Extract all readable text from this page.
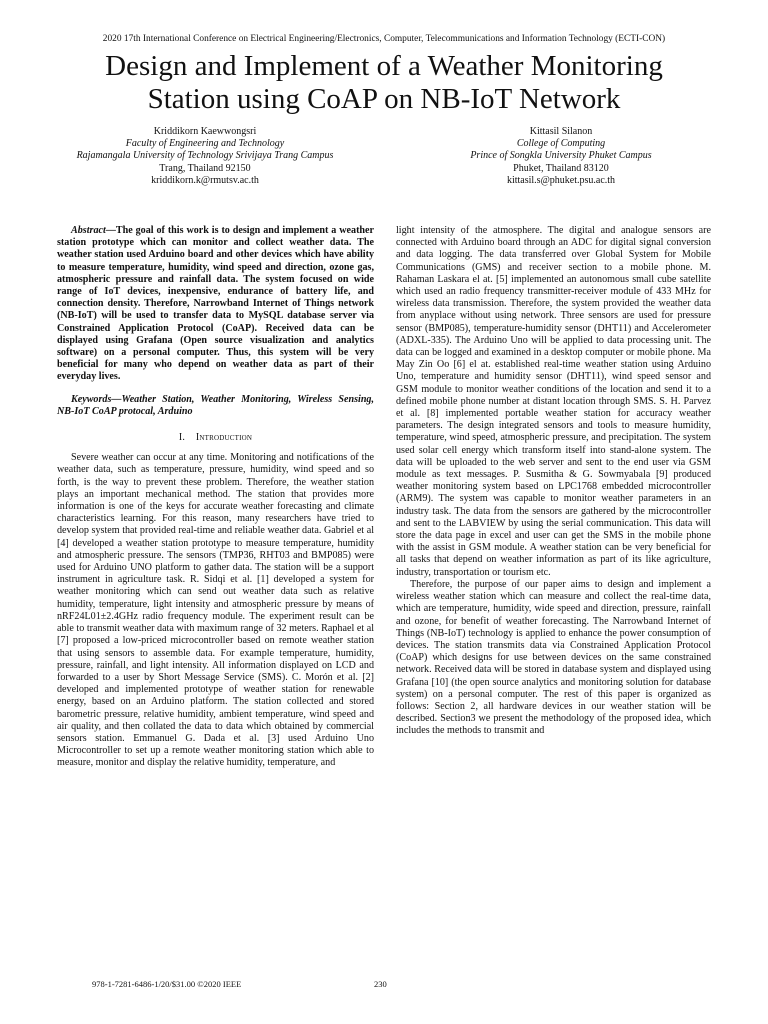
2020 17th International Conference on Electrical Engineering/Electronics, Computer, Telecommunications and Information Technology (ECTI-CON)
Design and Implement of a Weather Monitoring
Station using CoAP on NB-IoT Network
Kriddikorn Kaewwongsri
Faculty of Engineering and Technology
Rajamangala University of Technology Srivijaya Trang Campus
Trang, Thailand 92150
kriddikorn.k@rmutsv.ac.th
Kittasil Silanon
College of Computing
Prince of Songkla University Phuket Campus
Phuket, Thailand 83120
kittasil.s@phuket.psu.ac.th

Abstract—The goal of this work is to design and implement a weather station prototype which can monitor and collect weather data. The weather station used Arduino board and other devices which have ability to measure temperature, humidity, wind speed and direction, ozone gas, atmospheric pressure and rainfall data. The system focused on wide range of IoT devices, inexpensive, endurance of battery life, and connection density. Therefore, Narrowband Internet of Things network (NB-IoT) will be used to transfer data to MySQL database server via Constrained Application Protocol (CoAP). Received data can be displayed using Grafana (Open source visualization and analytics software) on a personal computer. Thus, this system will be very beneficial for many who depend on weather data as part of their everyday lives.

Keywords—Weather Station, Weather Monitoring, Wireless Sensing, NB-IoT CoAP protocal, Arduino

I. Introduction

Severe weather can occur at any time. Monitoring and notifications of the weather data, such as temperature, pressure, humidity, wind speed and so forth, is the way to prevent these problem. Therefore, the weather station plays an important mechanical method. The station that provides more information is one of the keys for accurate weather forecasting and climate characteristics learning. For this reason, many researchers have tried to develop system that provided real-time and reliable weather data. Gabriel et al [4] developed a weather station prototype to measure temperature, humidity and atmospheric pressure. The sensors (TMP36, RHT03 and BMP085) were used for Arduino UNO platform to gather data. The station will be a support instrument in agriculture task. R. Sidqi et al. [1] developed a system for weather monitoring which can send out weather data such as relative humidity, temperature, light intensity and atmospheric pressure by means of nRF24L01±2.4GHz radio frequency module. The experiment result can be able to transmit weather data with maximum range of 32 meters. Raphael et al [7] proposed a low-priced microcontroller based on remote weather station that using sensors to assemble data. For example temperature, humidity, pressure, rainfall, and light intensity. All information displayed on LCD and forwarded to a user by Short Message Service (SMS). C. Morón et al. [2] developed and implemented prototype of weather station for renewable energy, based on an Arduino platform. The station collected and stored barometric pressure, relative humidity, ambient temperature, wind speed and air quality, and then collated the data to data which obtained by commercial sensors station. Emmanuel G. Dada et al. [3] used Arduino Uno Microcontroller to set up a remote weather monitoring station which able to measure, monitor and display the relative humidity, temperature, and

light intensity of the atmosphere. The digital and analogue sensors are connected with Arduino board through an ADC for digital signal conversion and data logging. The data transferred over Global System for Mobile Communications (GMS) and receiver section to a mobile phone. M. Rahaman Laskara el at. [5] implemented an autonomous small cube satellite which used an radio frequency transmitter-receiver module of 433 MHz for wireless data transmission. Therefore, the system provided the weather data from anyplace without using network. Three sensors are used for pressure sensor (BMP085), temperature-humidity sensor (DHT11) and Accelerometer (ADXL-335). The Arduino Uno will be applied to data processing unit. The data can be logged and examined in a desktop computer or mobile phone. Ma May Zin Oo [6] el at. established real-time weather station using Arduino Uno, temperature and humidity sensor (DHT11), wind speed sensor and GSM module to monitor weather conditions of the location and send it to a defined mobile phone number at distant location through SMS. S. H. Parvez et al. [8] implemented portable weather station for accuracy weather parameters. The design integrated sensors and tools to measure humidity, temperature, wind speed, atmospheric pressure, and precipitation. The system used solar cell energy which transform itself into stand-alone system. The data will be uploaded to the web server and sent to the end user via GSM module as text messages. P. Susmitha & G. Sowmyabala [9] produced weather monitoring system based on LPC1768 embedded microcontroller (ARM9). The system was capable to monitor weather parameters in an industry task. The data from the sensors are gathered by the microcontroller and sent to the LABVIEW by using the serial communication. This data will store the data page in excel and user can get the SMS in the mobile phone with the assist in GSM module. A weather station can be very beneficial for all tasks that depend on weather information as part of its like agriculture, industry, transportation or tourism etc.

Therefore, the purpose of our paper aims to design and implement a wireless weather station which can measure and collect the real-time data, which are temperature, humidity, wide speed and direction, pressure, rainfall and ozone, for benefit of weather forecasting. The Narrowband Internet of Things (NB-IoT) technology is applied to enhance the power consumption of devices. The station transmits data via Constrained Application Protocol (CoAP) which designs for use between devices on the same constrained network. Received data will be stored in database system and displayed using Grafana [10] (the open source analytics and monitoring solution for database system) on a personal computer. The rest of this paper is organized as follows: Section 2, all hardware devices in our weather station will be described. Section3 we present the methodology of the proposed idea, which includes the methods to transmit and

978-1-7281-6486-1/20/$31.00 ©2020 IEEE	230
